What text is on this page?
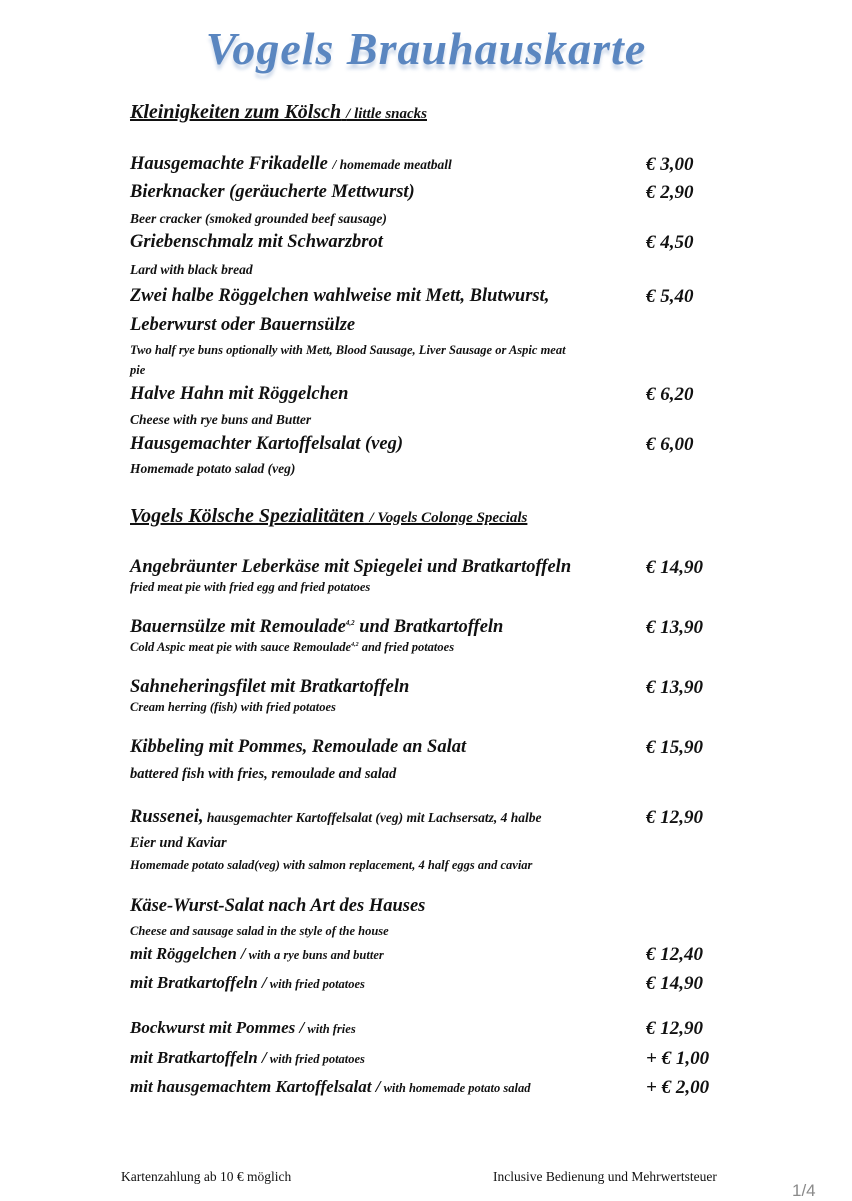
Vogels Brauhauskarte
Kleinigkeiten zum Kölsch / little snacks
Hausgemachte Frikadelle / homemade meatball	€ 3,00
Bierknacker (geräucherte Mettwurst)	€ 2,90
Beer cracker (smoked grounded beef sausage)
Griebenschmalz mit Schwarzbrot	€ 4,50
Lard with black bread
Zwei halbe Röggelchen wahlweise mit Mett, Blutwurst,	€ 5,40
Leberwurst oder Bauernsülze
Two half rye buns optionally with Mett, Blood Sausage, Liver Sausage or Aspic meat
pie
Halve Hahn mit Röggelchen	€ 6,20
Cheese with rye buns and Butter
Hausgemachter Kartoffelsalat (veg)	€ 6,00
Homemade potato salad (veg)
Vogels Kölsche Spezialitäten / Vogels Colonge Specials
Angebräunter Leberkäse mit Spiegelei und Bratkartoffeln	€ 14,90
fried meat pie with fried egg and fried potatoes
Bauernsülze mit Remoulade$^{4,2}$ und Bratkartoffeln	€ 13,90
Cold Aspic meat pie with sauce Remoulade$^{4,2}$ and fried potatoes
Sahneheringsfilet mit Bratkartoffeln	€ 13,90
Cream herring (fish) with fried potatoes
Kibbeling mit Pommes, Remoulade an Salat	€ 15,90
battered fish with fries, remoulade and salad
Russenei, hausgemachter Kartoffelsalat (veg) mit Lachsersatz, 4 halbe	€ 12,90
Eier und Kaviar
Homemade potato salad(veg) with salmon replacement, 4 half eggs and caviar
Käse-Wurst-Salat nach Art des Hauses
Cheese and sausage salad in the style of the house
mit Röggelchen / with a rye buns and butter	€ 12,40
mit Bratkartoffeln / with fried potatoes	€ 14,90
Bockwurst mit Pommes / with fries	€ 12,90
mit Bratkartoffeln / with fried potatoes	+ € 1,00
mit hausgemachtem Kartoffelsalat / with homemade potato salad	+ € 2,00
Kartenzahlung ab 10 € möglich	Inclusive Bedienung und Mehrwertsteuer
1/4
